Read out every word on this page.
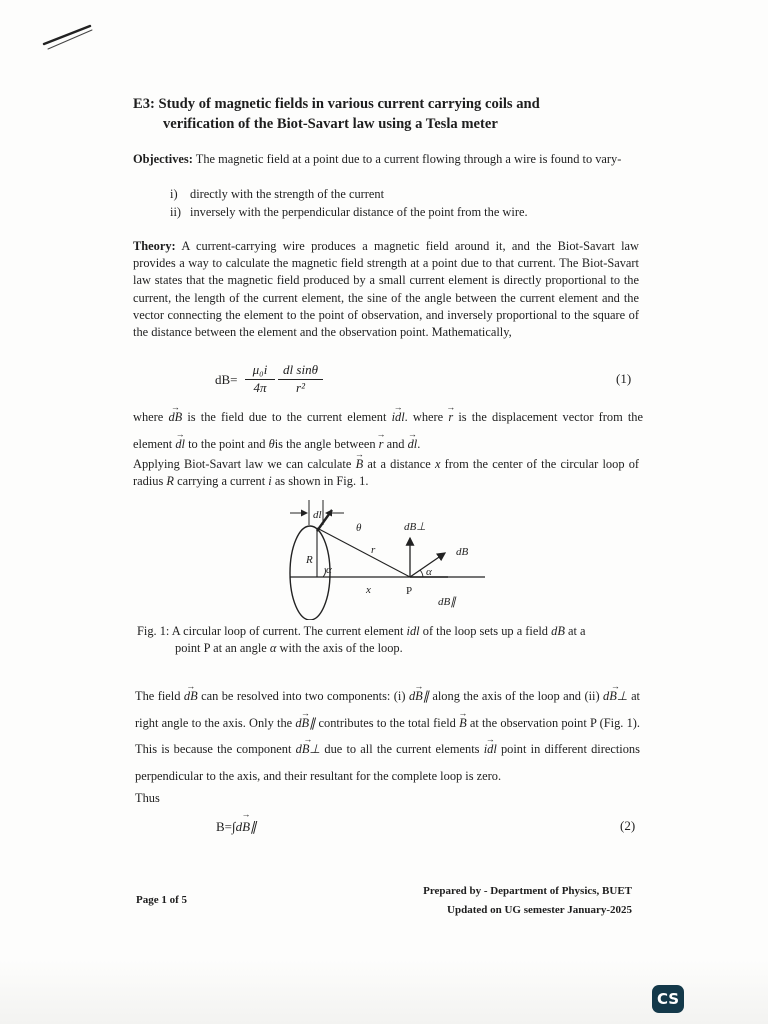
E3: Study of magnetic fields in various current carrying coils and
verification of the Biot-Savart law using a Tesla meter
Objectives: The magnetic field at a point due to a current flowing through a wire is found to vary-
i) directly with the strength of the current
ii) inversely with the perpendicular distance of the point from the wire.
Theory: A current-carrying wire produces a magnetic field around it, and the Biot-Savart law provides a way to calculate the magnetic field strength at a point due to that current. The Biot-Savart law states that the magnetic field produced by a small current element is directly proportional to the current, the length of the current element, the sine of the angle between the current element and the vector connecting the element to the point of observation, and inversely proportional to the square of the distance between the element and the observation point. Mathematically,
dB=
μ₀i
4π
dl sinθ
r²
(1)
where → dB is the field due to the current element → idl. where → r is the displacement vector from the element → dl to the point and θis the angle between → r and → dl.
Applying Biot-Savart law we can calculate → B at a distance x from the center of the circular loop of radius R carrying a current i as shown in Fig. 1.
dl
θ
r
R
α
dB⊥
dB
α
x	P
dB∥
Fig. 1: A circular loop of current. The current element idl of the loop sets up a field dB at a
point P at an angle α with the axis of the loop.
The field → dB can be resolved into two components: (i) → dB∥ along the axis of the loop and (ii) → dB⊥ at right angle to the axis. Only the → dB∥ contributes to the total field → B at the observation point P (Fig. 1). This is because the component → dB⊥ due to all the current elements → idl point in different directions perpendicular to the axis, and their resultant for the complete loop is zero.
Thus
B=∫→ dB∥	(2)
Page 1 of 5
Prepared by - Department of Physics, BUET
Updated on UG semester January-2025
CS
